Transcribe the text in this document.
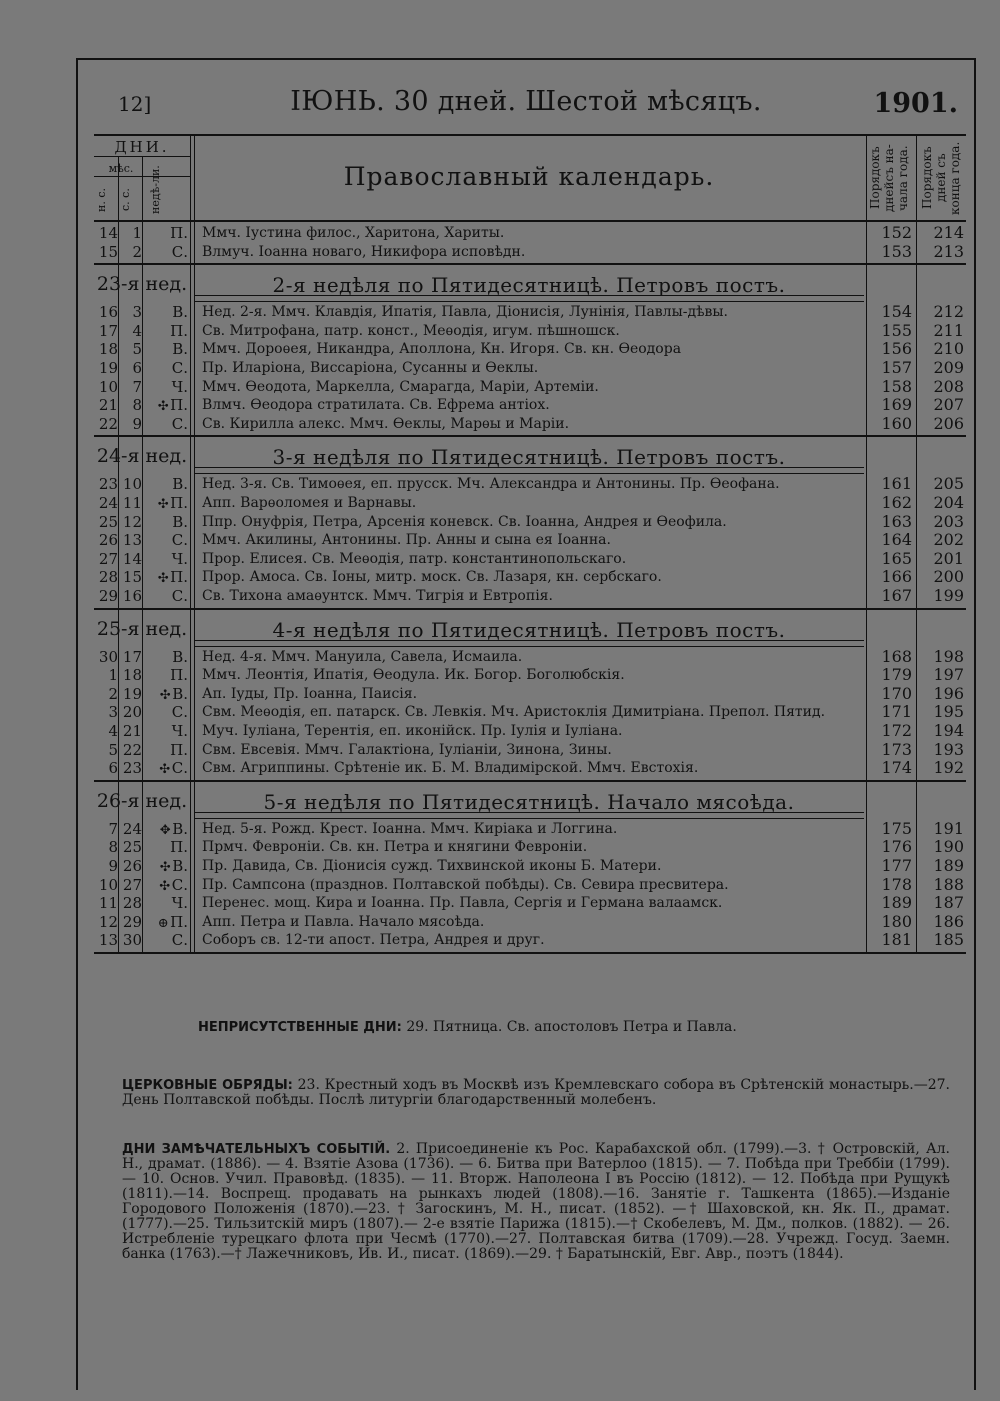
12]	ІЮНЬ. 30 дней. Шестой мѣсяцъ.	1901.
ДНИ.
мѣс.
н. с.	с. с.	недѣ-ли.	Православный календарь.	Порядокъ днейсъ на-чала года. Порядокъ дней съ конца года.
14 1	П. Ммч. Іустина филос., Харитона, Хариты.	152	214
15 2	С. Влмуч. Іоанна новаго, Никифора исповѣдн.	153	213
23-я нед.	2-я недѣля по Пятидесятницѣ. Петровъ постъ.
16 3	В. Нед. 2-я. Ммч. Клавдія, Ипатія, Павла, Діонисія, Лунінія, Павлы-дѣвы.	154	212
17 4	П. Св. Митрофана, патр. конст., Меѳодія, игум. пѣшношск.	155	211
18 5	В. Ммч. Дороѳея, Никандра, Аполлона, Кн. Игоря. Св. кн. Ѳеодора	156	210
19 6	С. Пр. Иларіона, Виссаріона, Сусанны и Ѳеклы.	157	209
10 7	Ч. Ммч. Ѳеодота, Маркелла, Смарагда, Маріи, Артеміи.	158	208
21 8	✣ П. Влмч. Ѳеодора стратилата. Св. Ефрема антіох.	169	207
22 9	С. Св. Кирилла алекс. Ммч. Ѳеклы, Марѳы и Маріи.	160	206
24-я нед.	3-я недѣля по Пятидесятницѣ. Петровъ постъ.
23 10	В. Нед. 3-я. Св. Тимоѳея, еп. прусск. Мч. Александра и Антонины. Пр. Ѳеофана.	161	205
24 11	✣ П. Апп. Варѳоломея и Варнавы.	162	204
25 12	В. Ппр. Онуфрія, Петра, Арсенія коневск. Св. Іоанна, Андрея и Ѳеофила.	163	203
26 13	С. Ммч. Акилины, Антонины. Пр. Анны и сына ея Іоанна.	164	202
27 14	Ч. Прор. Елисея. Св. Меѳодія, патр. константинопольскаго.	165	201
28 15	✣ П. Прор. Амоса. Св. Іоны, митр. моск. Св. Лазаря, кн. сербскаго.	166	200
29 16	С. Св. Тихона амаѳунтск. Ммч. Тигрія и Евтропія.	167	199
25-я нед.	4-я недѣля по Пятидесятницѣ. Петровъ постъ.
30 17	В. Нед. 4-я. Ммч. Мануила, Савела, Исмаила.	168	198
1 18	П. Ммч. Леонтія, Ипатія, Ѳеодула. Ик. Богор. Боголюбскія.	179	197
2 19	✣ В. Ап. Іуды, Пр. Іоанна, Паисія.	170	196
3 20	С. Свм. Меѳодія, еп. патарск. Св. Левкія. Мч. Аристоклія Димитріана. Препол. Пятид.	171	195
4 21	Ч. Муч. Іуліана, Терентія, еп. иконійск. Пр. Іулія и Іуліана.	172	194
5 22	П. Свм. Евсевія. Ммч. Галактіона, Іуліаніи, Зинона, Зины.	173	193
6 23	✣ С. Свм. Агриппины. Срѣтеніе ик. Б. М. Владимірской. Ммч. Евстохія.	174	192
26-я нед.	5-я недѣля по Пятидесятницѣ. Начало мясоѣда.
7 24	✥ В. Нед. 5-я. Рожд. Крест. Іоанна. Ммч. Киріака и Логгина.	175	191
8 25	П. Прмч. Февроніи. Св. кн. Петра и княгини Февроніи.	176	190
9 26	✣ В. Пр. Давида, Св. Діонисія сужд. Тихвинской иконы Б. Матери.	177	189
10 27	✣ С. Пр. Сампсона (празднов. Полтавской побѣды). Св. Севира пресвитера.	178	188
11 28	Ч. Перенес. мощ. Кира и Іоанна. Пр. Павла, Сергія и Германа валаамск.	189	187
12 29	⊕ П. Апп. Петра и Павла. Начало мясоѣда.	180	186
13 30	С. Соборъ св. 12-ти апост. Петра, Андрея и друг.	181	185
НЕПРИСУТСТВЕННЫЕ ДНИ: 29. Пятница. Св. апостоловъ Петра и Павла.
ЦЕРКОВНЫЕ ОБРЯДЫ: 23. Крестный ходъ въ Москвѣ изъ Кремлевскаго собора въ Срѣтенскій монастырь.—27. День Полтавской побѣды. Послѣ литургіи благодарственный молебенъ.
ДНИ ЗАМѢЧАТЕЛЬНЫХЪ СОБЫТІЙ. 2. Присоединеніе къ Рос. Карабахской обл. (1799).—3. † Островскій, Ал. Н., драмат. (1886). — 4. Взятіе Азова (1736). — 6. Битва при Ватерлоо (1815). — 7. Побѣда при Треббіи (1799). — 10. Основ. Учил. Правовѣд. (1835). — 11. Вторж. Наполеона I въ Россію (1812). — 12. Побѣда при Рущукѣ (1811).—14. Воспрещ. продавать на рынкахъ людей (1808).—16. Занятіе г. Ташкента (1865).—Изданіе Городового Положенія (1870).—23. † Загоскинъ, М. Н., писат. (1852). —† Шаховской, кн. Як. П., драмат. (1777).—25. Тильзитскій миръ (1807).— 2-е взятіе Парижа (1815).—† Скобелевъ, М. Дм., полков. (1882). — 26. Истребленіе турецкаго флота при Чесмѣ (1770).—27. Полтавская битва (1709).—28. Учрежд. Госуд. Заемн. банка (1763).—† Лажечниковъ, Ив. И., писат. (1869).—29. † Баратынскій, Евг. Авр., поэтъ (1844).
